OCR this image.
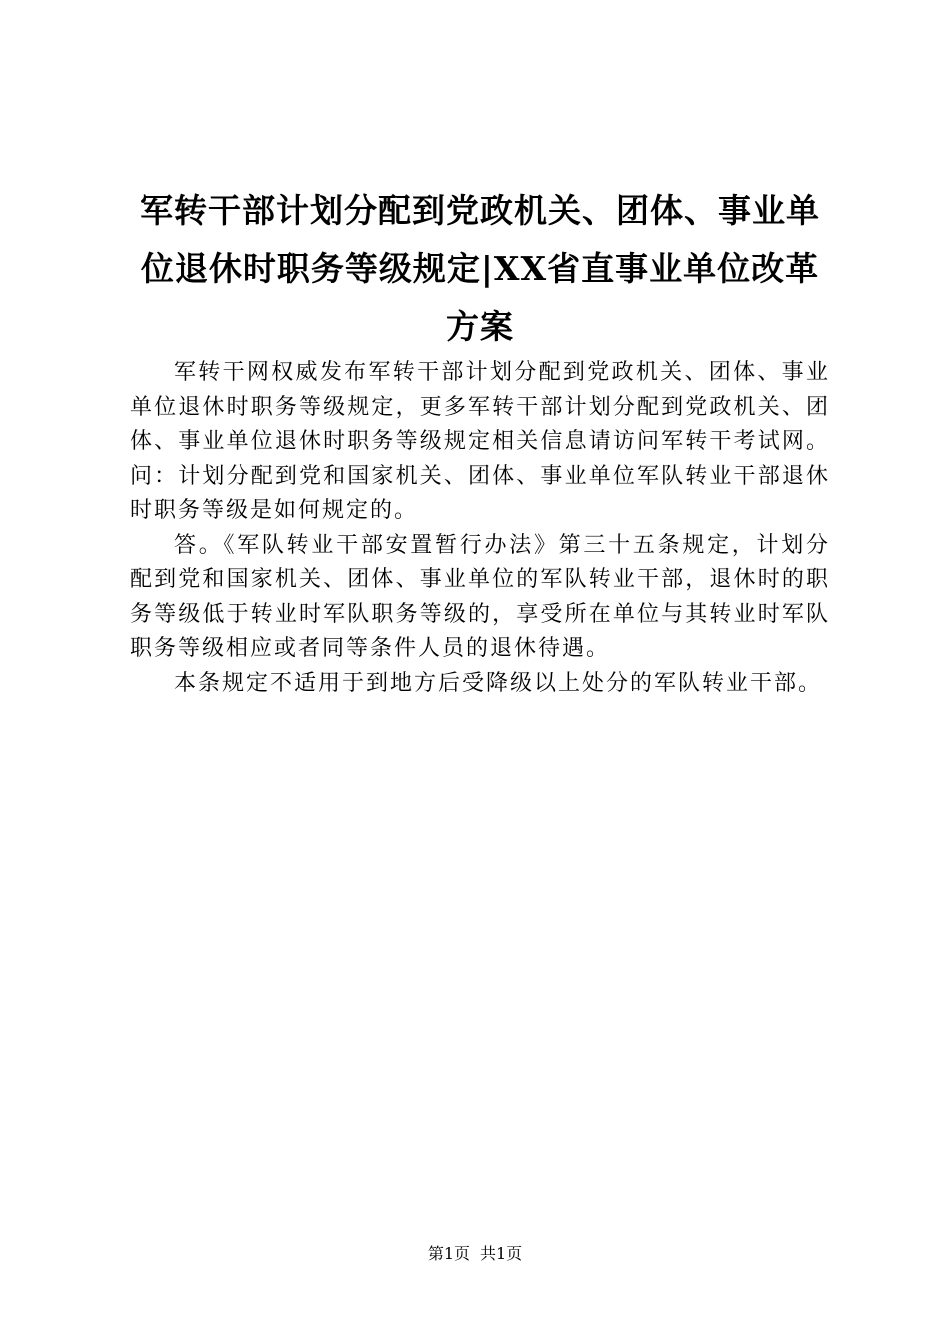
军转干部计划分配到党政机关、团体、事业单位退休时职务等级规定|XX省直事业单位改革方案

军转干网权威发布军转干部计划分配到党政机关、团体、事业单位退休时职务等级规定，更多军转干部计划分配到党政机关、团体、事业单位退休时职务等级规定相关信息请访问军转干考试网。问：计划分配到党和国家机关、团体、事业单位军队转业干部退休时职务等级是如何规定的。

答。《军队转业干部安置暂行办法》第三十五条规定，计划分配到党和国家机关、团体、事业单位的军队转业干部，退休时的职务等级低于转业时军队职务等级的，享受所在单位与其转业时军队职务等级相应或者同等条件人员的退休待遇。

本条规定不适用于到地方后受降级以上处分的军队转业干部。

第1页 共1页
